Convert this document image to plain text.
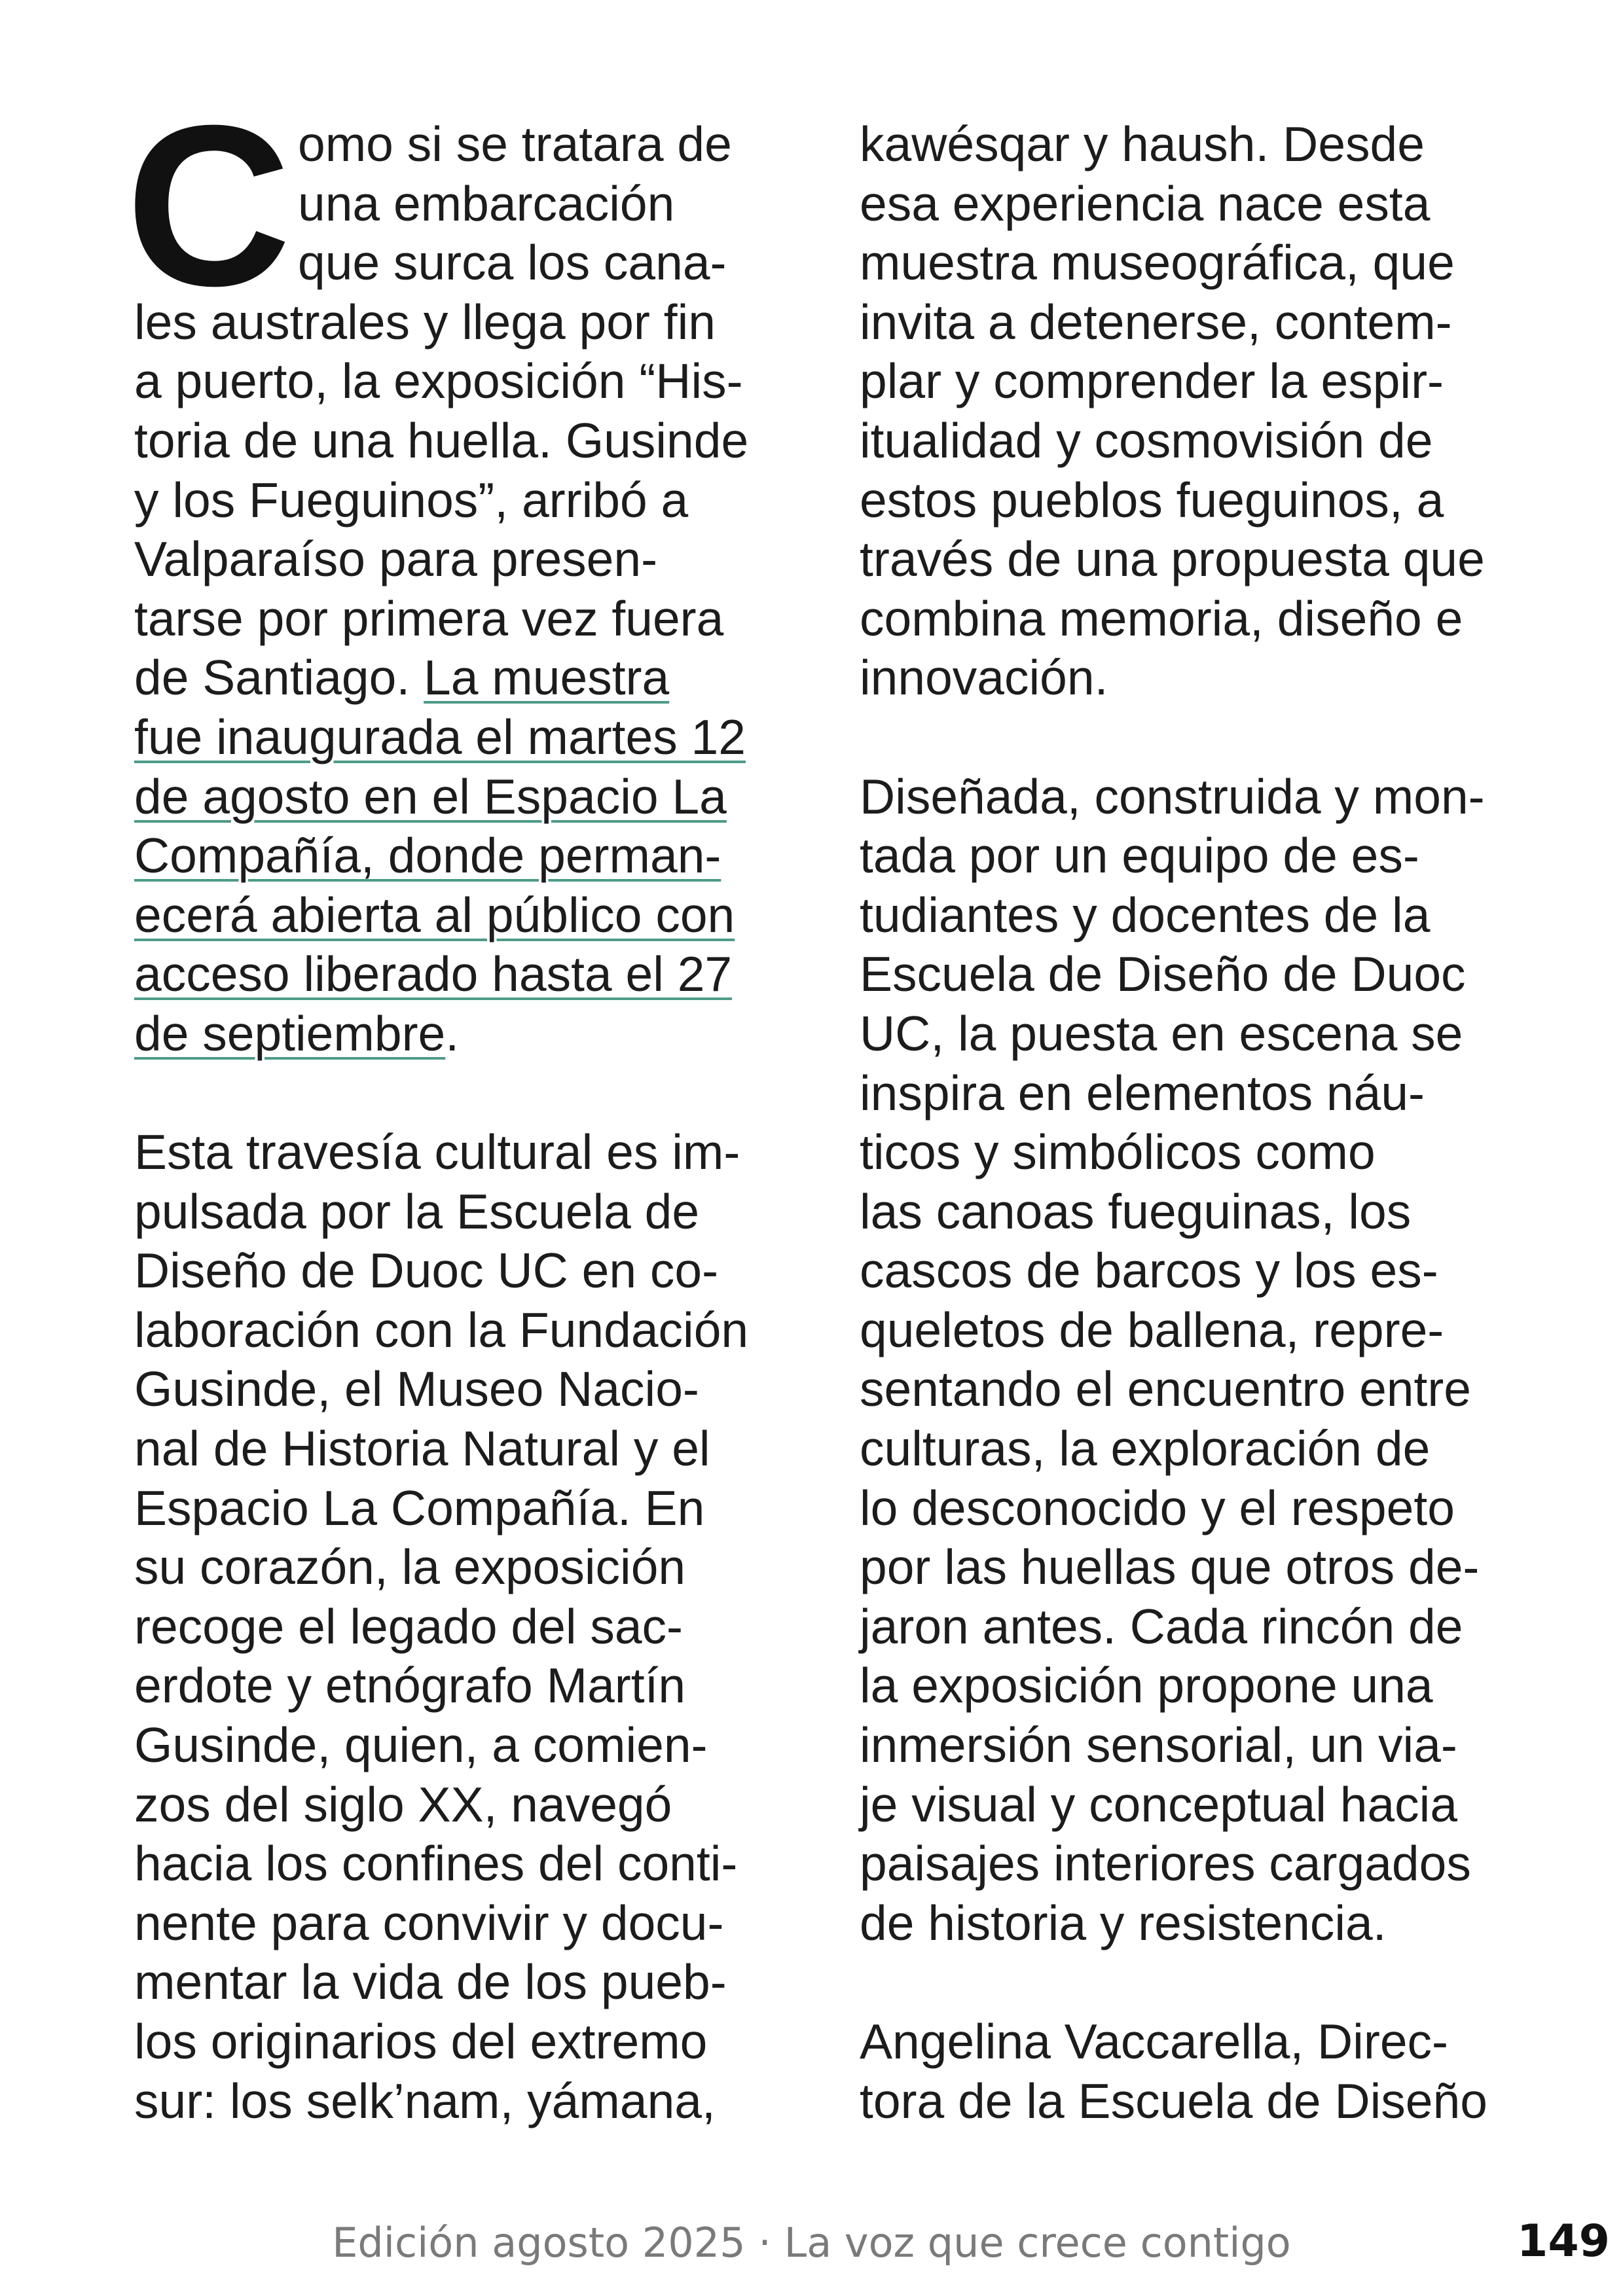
C omo si se tratara de
una embarcación
que surca los cana-
les australes y llega por fin
a puerto, la exposición “His-
toria de una huella. Gusinde
y los Fueguinos”, arribó a
Valparaíso para presen-
tarse por primera vez fuera
de Santiago. La muestra
fue inaugurada el martes 12
de agosto en el Espacio La
Compañía, donde perman-
ecerá abierta al público con
acceso liberado hasta el 27
de septiembre.
Esta travesía cultural es im-
pulsada por la Escuela de
Diseño de Duoc UC en co-
laboración con la Fundación
Gusinde, el Museo Nacio-
nal de Historia Natural y el
Espacio La Compañía. En
su corazón, la exposición
recoge el legado del sac-
erdote y etnógrafo Martín
Gusinde, quien, a comien-
zos del siglo XX, navegó
hacia los confines del conti-
nente para convivir y docu-
mentar la vida de los pueb-
los originarios del extremo
sur: los selk’nam, yámana,
kawésqar y haush. Desde
esa experiencia nace esta
muestra museográfica, que
invita a detenerse, contem-
plar y comprender la espir-
itualidad y cosmovisión de
estos pueblos fueguinos, a
través de una propuesta que
combina memoria, diseño e
innovación.
Diseñada, construida y mon-
tada por un equipo de es-
tudiantes y docentes de la
Escuela de Diseño de Duoc
UC, la puesta en escena se
inspira en elementos náu-
ticos y simbólicos como
las canoas fueguinas, los
cascos de barcos y los es-
queletos de ballena, repre-
sentando el encuentro entre
culturas, la exploración de
lo desconocido y el respeto
por las huellas que otros de-
jaron antes. Cada rincón de
la exposición propone una
inmersión sensorial, un via-
je visual y conceptual hacia
paisajes interiores cargados
de historia y resistencia.
Angelina Vaccarella, Direc-
tora de la Escuela de Diseño
Edición agosto 2025 · La voz que crece contigo	149
